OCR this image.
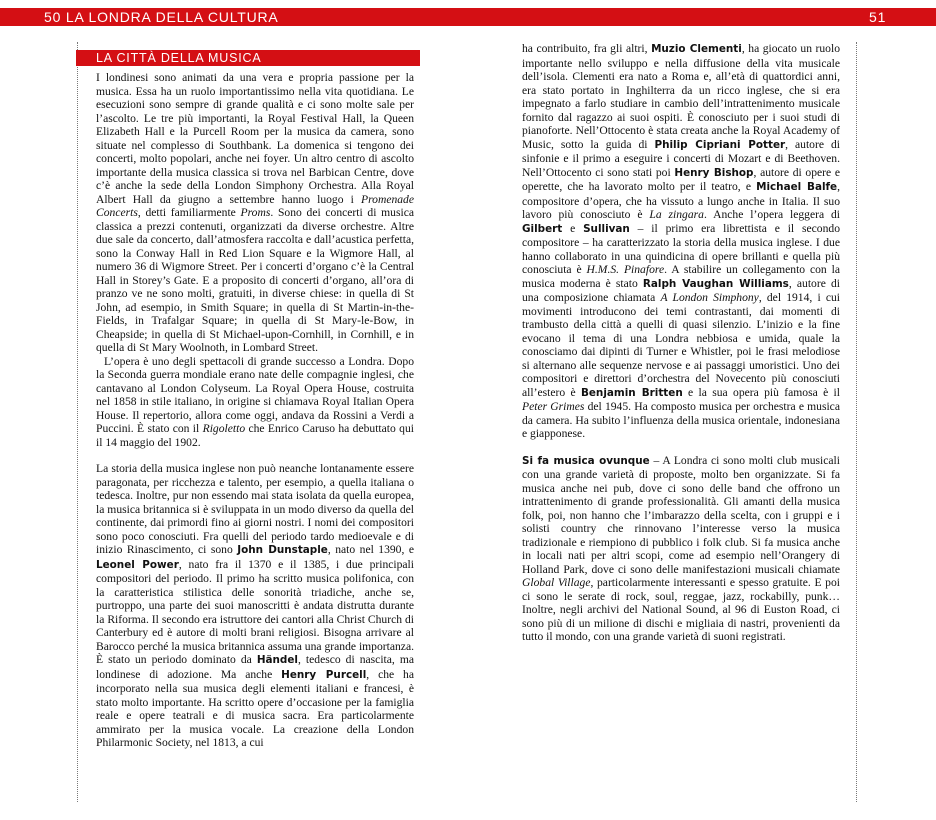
50 LA LONDRA DELLA CULTURA	51
LA CITTÀ DELLA MUSICA

I londinesi sono animati da una vera e propria passione per la musica. Essa ha un ruolo importantissimo nella vita quotidiana. Le esecuzioni sono sempre di grande qualità e ci sono molte sale per l’ascolto. Le tre più importanti, la Royal Festival Hall, la Queen Elizabeth Hall e la Purcell Room per la musica da camera, sono situate nel complesso di Southbank. La domenica si tengono dei concerti, molto popolari, anche nei foyer. Un altro centro di ascolto importante della musica classica si trova nel Barbican Centre, dove c’è anche la sede della London Simphony Orchestra. Alla Royal Albert Hall da giugno a settembre hanno luogo i Promenade Concerts, detti familiarmente Proms. Sono dei concerti di musica classica a prezzi contenuti, organizzati da diverse orchestre. Altre due sale da concerto, dall’atmosfera raccolta e dall’acustica perfetta, sono la Conway Hall in Red Lion Square e la Wigmore Hall, al numero 36 di Wigmore Street. Per i concerti d’organo c’è la Central Hall in Storey’s Gate. E a proposito di concerti d’organo, all’ora di pranzo ve ne sono molti, gratuiti, in diverse chiese: in quella di St John, ad esempio, in Smith Square; in quella di St Martin-in-the-Fields, in Trafalgar Square; in quella di St Mary-le-Bow, in Cheapside; in quella di St Michael-upon-Cornhill, in Cornhill, e in quella di St Mary Woolnoth, in Lombard Street.

L’opera è uno degli spettacoli di grande successo a Londra. Dopo la Seconda guerra mondiale erano nate delle compagnie inglesi, che cantavano al London Colyseum. La Royal Opera House, costruita nel 1858 in stile italiano, in origine si chiamava Royal Italian Opera House. Il repertorio, allora come oggi, andava da Rossini a Verdi a Puccini. È stato con il Rigoletto che Enrico Caruso ha debuttato qui il 14 maggio del 1902.

La storia della musica inglese non può neanche lontanamente essere paragonata, per ricchezza e talento, per esempio, a quella italiana o tedesca. Inoltre, pur non essendo mai stata isolata da quella europea, la musica britannica si è sviluppata in un modo diverso da quella del continente, dai primordi fino ai giorni nostri. I nomi dei compositori sono poco conosciuti. Fra quelli del periodo tardo medioevale e di inizio Rinascimento, ci sono John Dunstaple, nato nel 1390, e Leonel Power, nato fra il 1370 e il 1385, i due principali compositori del periodo. Il primo ha scritto musica polifonica, con la caratteristica stilistica delle sonorità triadiche, anche se, purtroppo, una parte dei suoi manoscritti è andata distrutta durante la Riforma. Il secondo era istruttore dei cantori alla Christ Church di Canterbury ed è autore di molti brani religiosi. Bisogna arrivare al Barocco perché la musica britannica assuma una grande importanza. È stato un periodo dominato da Händel, tedesco di nascita, ma londinese di adozione. Ma anche Henry Purcell, che ha incorporato nella sua musica degli elementi italiani e francesi, è stato molto importante. Ha scritto opere d’occasione per la famiglia reale e opere teatrali e di musica sacra. Era particolarmente ammirato per la musica vocale. La creazione della London Philarmonic Society, nel 1813, a cui

ha contribuito, fra gli altri, Muzio Clementi, ha giocato un ruolo importante nello sviluppo e nella diffusione della vita musicale dell’isola. Clementi era nato a Roma e, all’età di quattordici anni, era stato portato in Inghilterra da un ricco inglese, che si era impegnato a farlo studiare in cambio dell’intrattenimento musicale fornito dal ragazzo ai suoi ospiti. È conosciuto per i suoi studi di pianoforte. Nell’Ottocento è stata creata anche la Royal Academy of Music, sotto la guida di Philip Cipriani Potter, autore di sinfonie e il primo a eseguire i concerti di Mozart e di Beethoven. Nell’Ottocento ci sono stati poi Henry Bishop, autore di opere e operette, che ha lavorato molto per il teatro, e Michael Balfe, compositore d’opera, che ha vissuto a lungo anche in Italia. Il suo lavoro più conosciuto è La zingara. Anche l’opera leggera di Gilbert e Sullivan – il primo era librettista e il secondo compositore – ha caratterizzato la storia della musica inglese. I due hanno collaborato in una quindicina di opere brillanti e quella più conosciuta è H.M.S. Pinafore. A stabilire un collegamento con la musica moderna è stato Ralph Vaughan Williams, autore di una composizione chiamata A London Simphony, del 1914, i cui movimenti introducono dei temi contrastanti, dai momenti di trambusto della città a quelli di quasi silenzio. L’inizio e la fine evocano il tema di una Londra nebbiosa e umida, quale la conosciamo dai dipinti di Turner e Whistler, poi le frasi melodiose si alternano alle sequenze nervose e ai passaggi umoristici. Uno dei compositori e direttori d’orchestra del Novecento più conosciuti all’estero è Benjamin Britten e la sua opera più famosa è il Peter Grimes del 1945. Ha composto musica per orchestra e musica da camera. Ha subito l’influenza della musica orientale, indonesiana e giapponese.

Si fa musica ovunque – A Londra ci sono molti club musicali con una grande varietà di proposte, molto ben organizzate. Si fa musica anche nei pub, dove ci sono delle band che offrono un intrattenimento di grande professionalità. Gli amanti della musica folk, poi, non hanno che l’imbarazzo della scelta, con i gruppi e i solisti country che rinnovano l’interesse verso la musica tradizionale e riempiono di pubblico i folk club. Si fa musica anche in locali nati per altri scopi, come ad esempio nell’Orangery di Holland Park, dove ci sono delle manifestazioni musicali chiamate Global Village, particolarmente interessanti e spesso gratuite. E poi ci sono le serate di rock, soul, reggae, jazz, rockabilly, punk… Inoltre, negli archivi del National Sound, al 96 di Euston Road, ci sono più di un milione di dischi e migliaia di nastri, provenienti da tutto il mondo, con una grande varietà di suoni registrati.
